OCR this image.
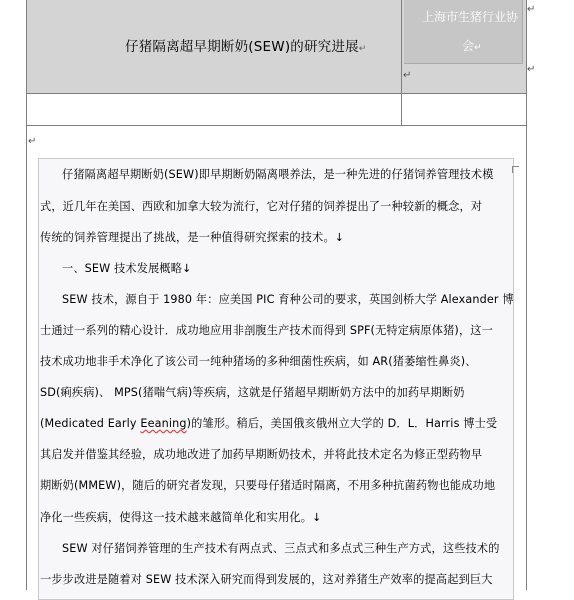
仔猪隔离超早期断奶(SEW)的研究进展↵
上海市生猪行业协
会↵
↵
↵
↵
↵
仔猪隔离超早期断奶(SEW)即早期断奶隔离喂养法，是一种先进的仔猪饲养管理技术模
式，近几年在美国、西欧和加拿大较为流行，它对仔猪的饲养提出了一种较新的概念，对
传统的饲养管理提出了挑战，是一种值得研究探索的技术。↓
一、SEW 技术发展概略↓
SEW 技术，源自于 1980 年：应美国 PIC 育种公司的要求，英国剑桥大学 Alexander 博
士通过一系列的精心设计．成功地应用非剖腹生产技术而得到 SPF(无特定病原体猪)，这一
技术成功地非手术净化了该公司一纯种猪场的多种细菌性疾病，如 AR(猪萎缩性鼻炎)、
SD(痢疾病)、 MPS(猪喘气病)等疾病，这就是仔猪超早期断奶方法中的加药早期断奶
(Medicated Early Eeaning)的雏形。稍后，美国俄亥俄州立大学的 D．L．Harris 博士受
其启发并借鉴其经验，成功地改进了加药早期断奶技术，并将此技术定名为修正型药物早
期断奶(MMEW)，随后的研究者发现，只要母仔猪适时隔离，不用多种抗菌药物也能成功地
净化一些疾病，使得这一技术越来越简单化和实用化。↓
SEW 对仔猪饲养管理的生产技术有两点式、三点式和多点式三种生产方式，这些技术的
一步步改进是随着对 SEW 技术深入研究而得到发展的，这对养猪生产效率的提高起到巨大
